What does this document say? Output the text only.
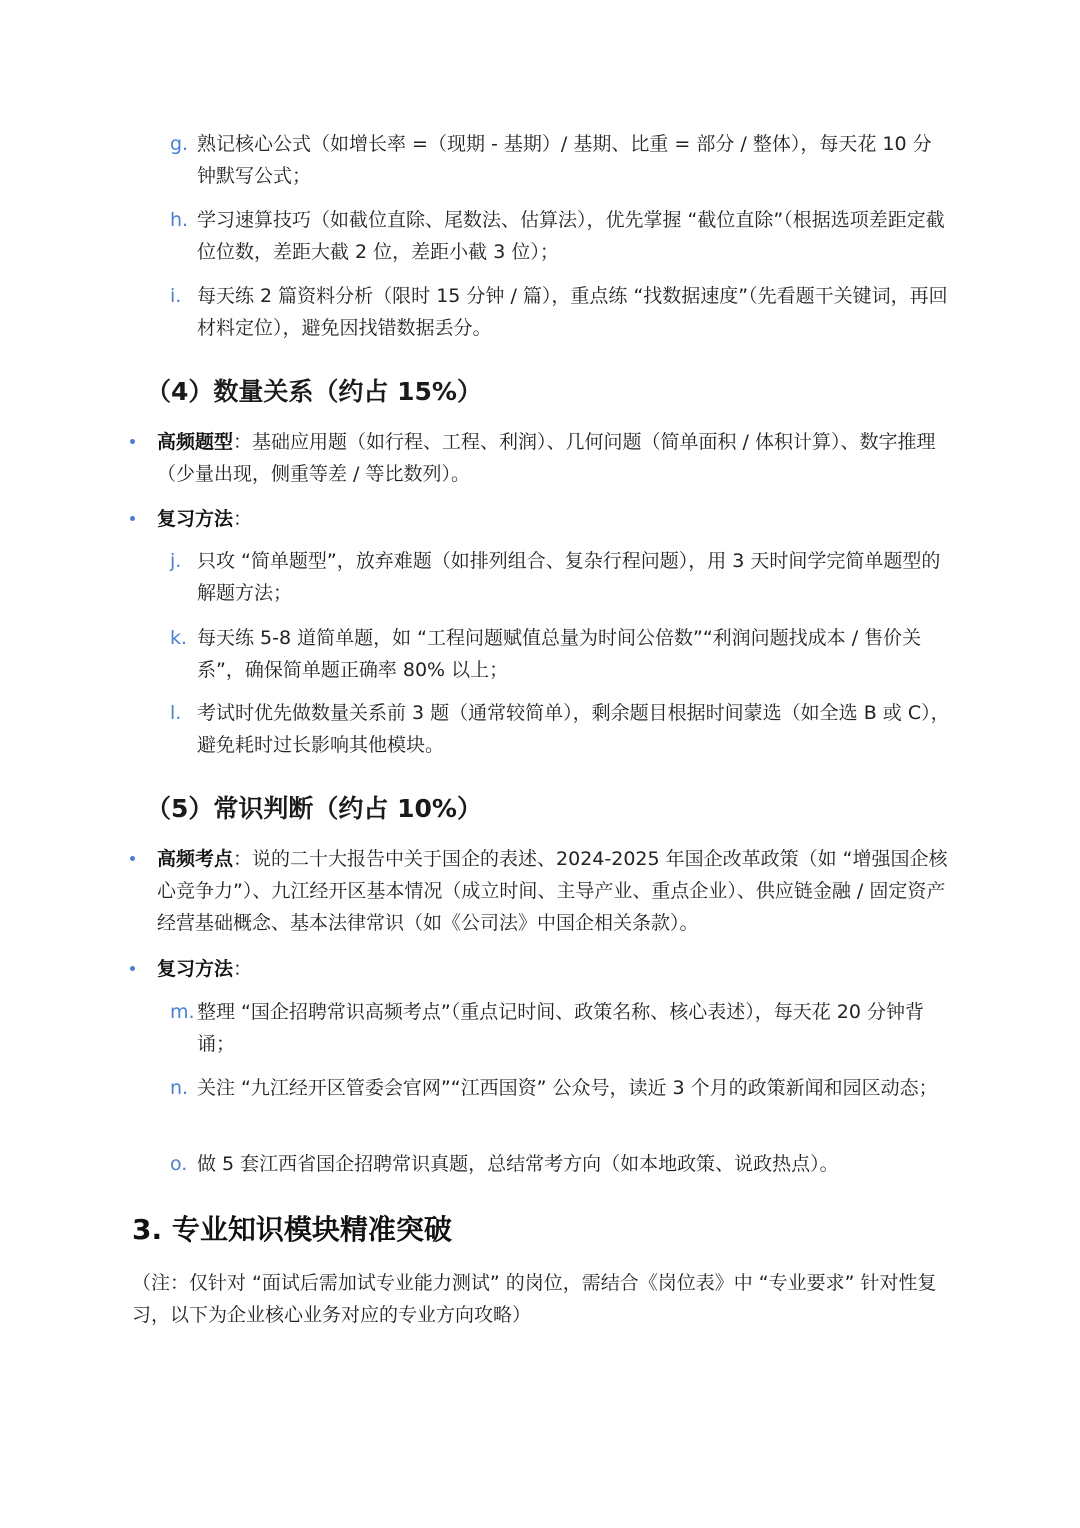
g. 熟记核心公式（如增长率 =（现期 - 基期）/ 基期、比重 = 部分 / 整体），每天花 10 分钟默写公式；
h. 学习速算技巧（如截位直除、尾数法、估算法），优先掌握 “截位直除”（根据选项差距定截位位数，差距大截 2 位，差距小截 3 位）；
i. 每天练 2 篇资料分析（限时 15 分钟 / 篇），重点练 “找数据速度”（先看题干关键词，再回材料定位），避免因找错数据丢分。
（4）数量关系（约占 15%）
高频题型：基础应用题（如行程、工程、利润）、几何问题（简单面积 / 体积计算）、数字推理（少量出现，侧重等差 / 等比数列）。
复习方法：
j. 只攻 “简单题型”，放弃难题（如排列组合、复杂行程问题），用 3 天时间学完简单题型的解题方法；
k. 每天练 5-8 道简单题，如 “工程问题赋值总量为时间公倍数”“利润问题找成本 / 售价关系”，确保简单题正确率 80% 以上；
l. 考试时优先做数量关系前 3 题（通常较简单），剩余题目根据时间蒙选（如全选 B 或 C），避免耗时过长影响其他模块。
（5）常识判断（约占 10%）
高频考点：说的二十大报告中关于国企的表述、2024-2025 年国企改革政策（如 “增强国企核心竞争力”）、九江经开区基本情况（成立时间、主导产业、重点企业）、供应链金融 / 固定资产经营基础概念、基本法律常识（如《公司法》中国企相关条款）。
复习方法：
m. 整理 “国企招聘常识高频考点”（重点记时间、政策名称、核心表述），每天花 20 分钟背诵；
n. 关注 “九江经开区管委会官网”“江西国资” 公众号，读近 3 个月的政策新闻和园区动态；
o. 做 5 套江西省国企招聘常识真题，总结常考方向（如本地政策、说政热点）。
3. 专业知识模块精准突破
（注：仅针对 “面试后需加试专业能力测试” 的岗位，需结合《岗位表》中 “专业要求” 针对性复习，以下为企业核心业务对应的专业方向攻略）
